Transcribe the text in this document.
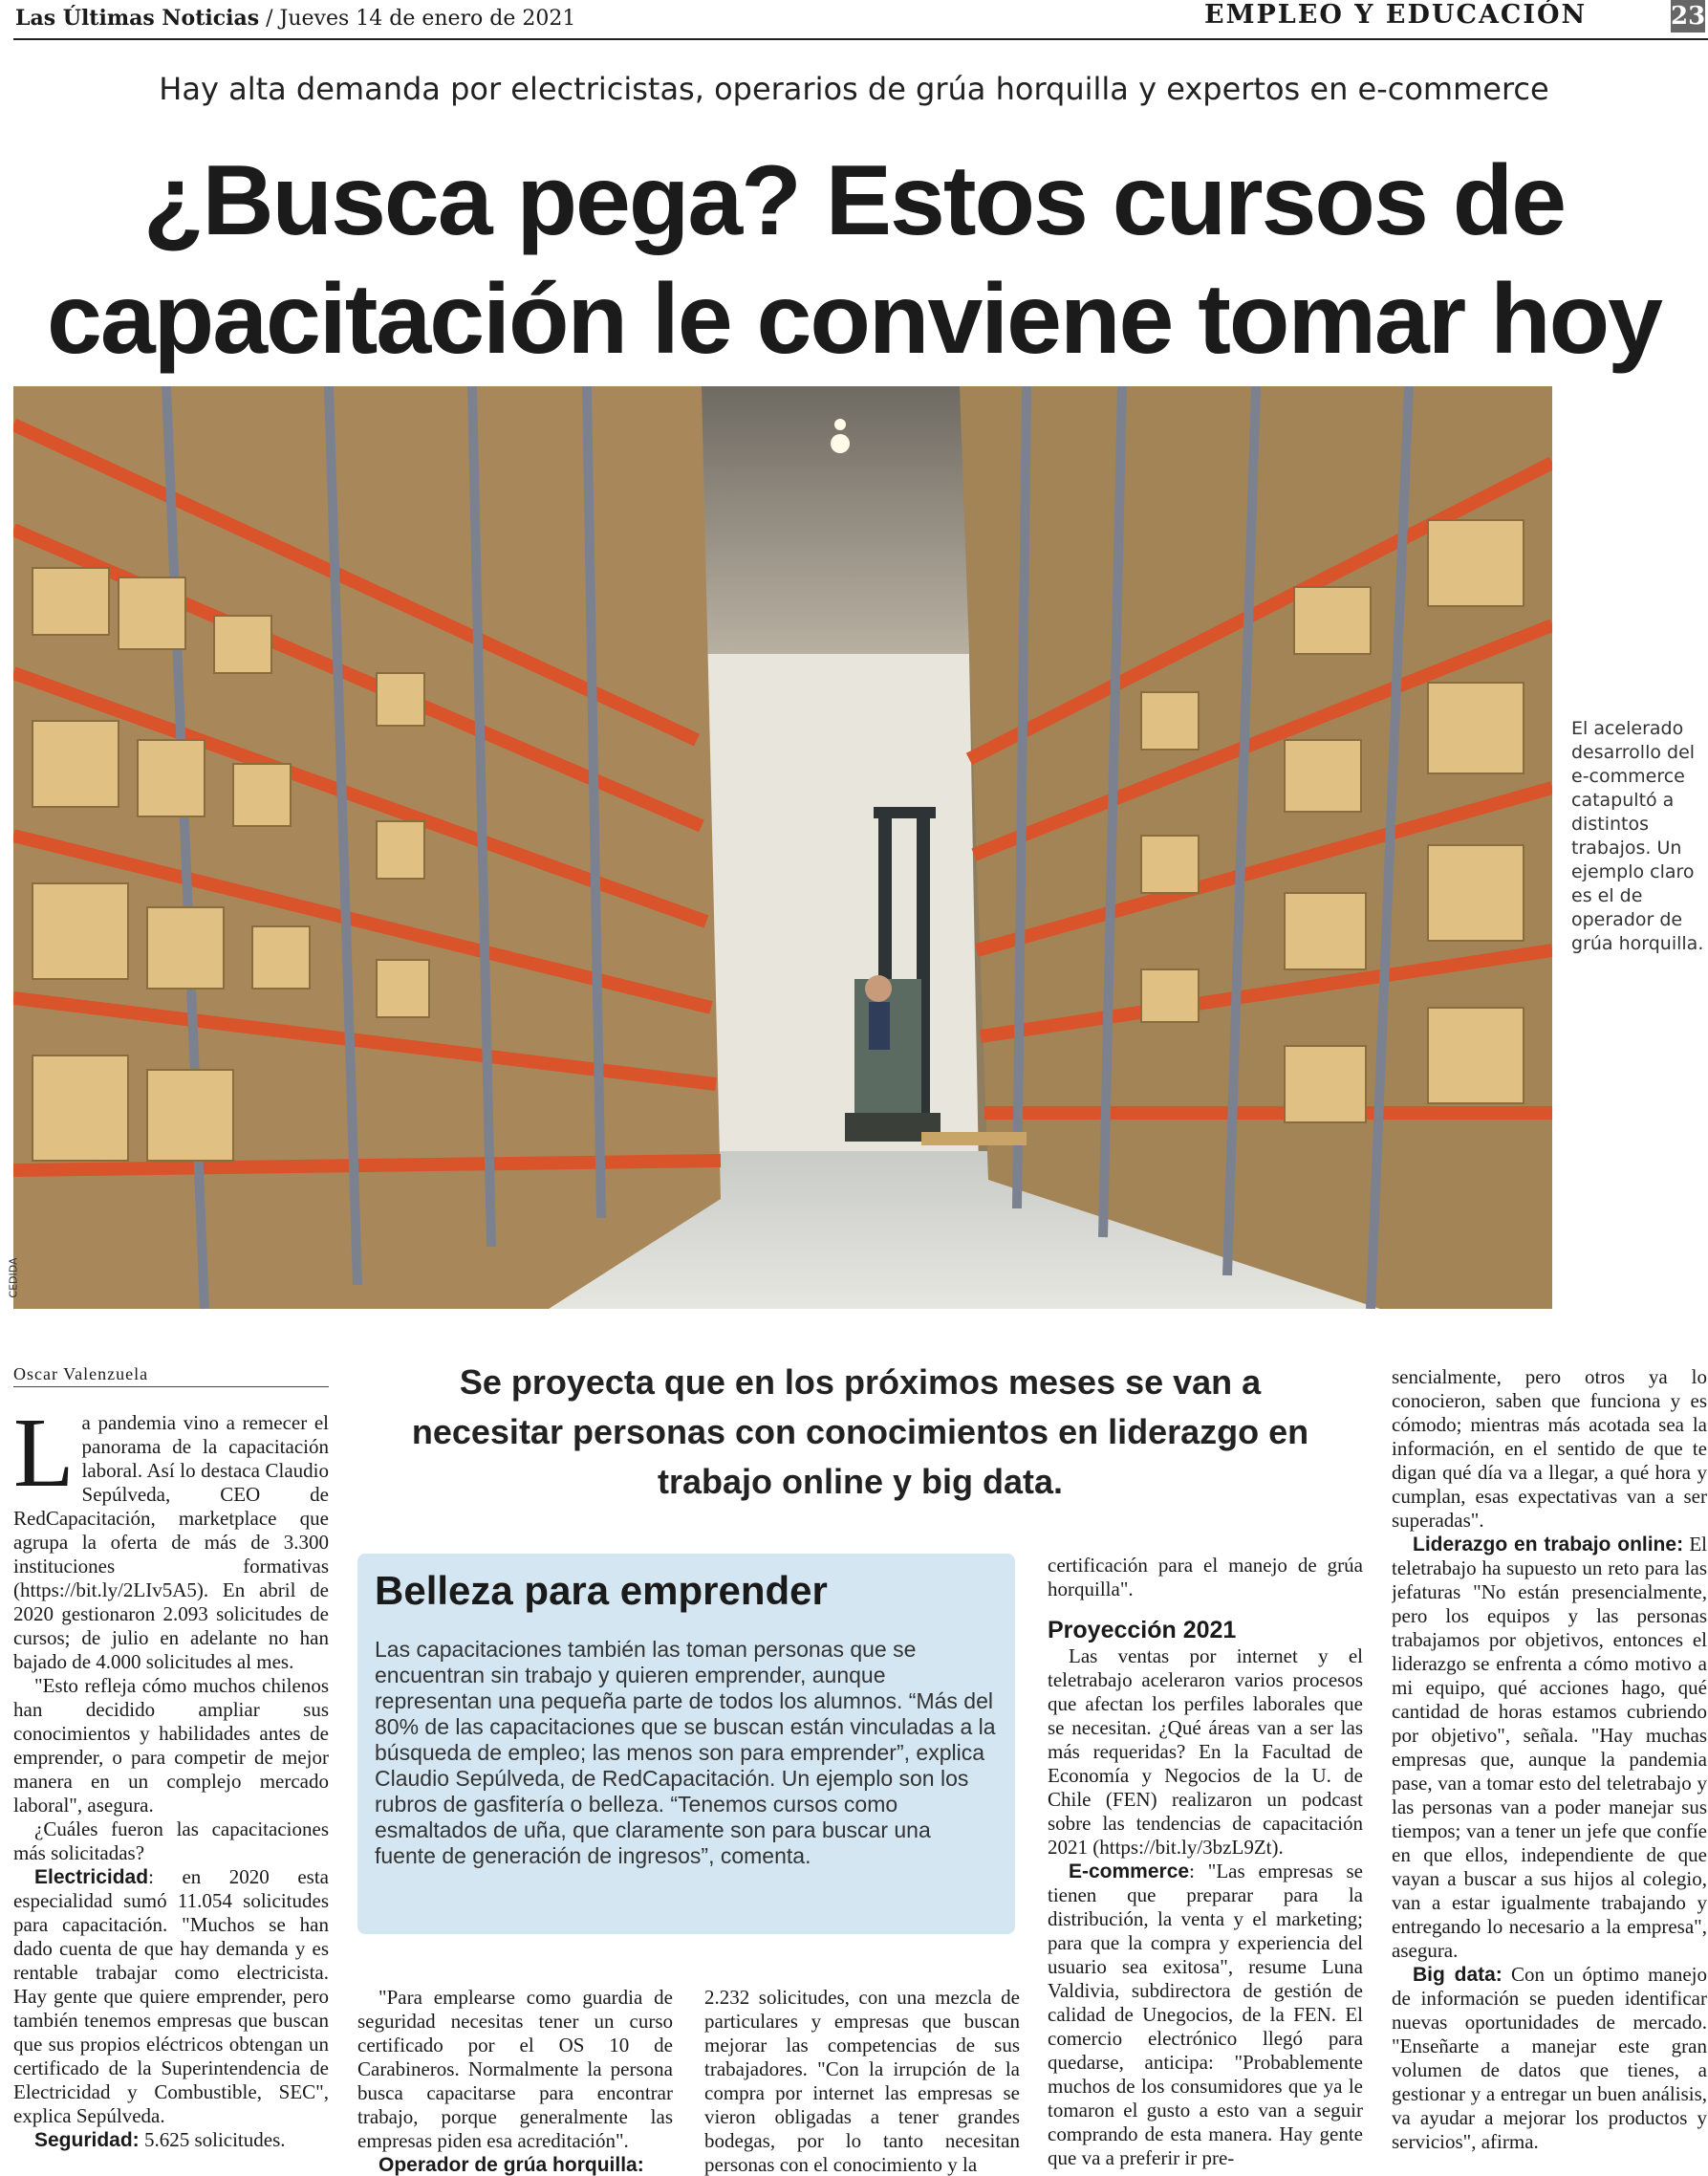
Las Últimas Noticias / Jueves 14 de enero de 2021	EMPLEO Y EDUCACIÓN	23
Hay alta demanda por electricistas, operarios de grúa horquilla y expertos en e-commerce
¿Busca pega? Estos cursos de
capacitación le conviene tomar hoy
CEDIDA
El acelerado desarrollo del e-commerce catapultó a distintos trabajos. Un ejemplo claro es el de operador de grúa horquilla.
Oscar Valenzuela

La pandemia vino a remecer el panorama de la capacitación laboral. Así lo destaca Claudio Sepúlveda, CEO de RedCapacitación, marketplace que agrupa la oferta de más de 3.300 instituciones formativas (https://bit.ly/2LIv5A5). En abril de 2020 gestionaron 2.093 solicitudes de cursos; de julio en adelante no han bajado de 4.000 solicitudes al mes.

"Esto refleja cómo muchos chilenos han decidido ampliar sus conocimientos y habilidades antes de emprender, o para competir de mejor manera en un complejo mercado laboral", asegura.

¿Cuáles fueron las capacitaciones más solicitadas?

Electricidad: en 2020 esta especialidad sumó 11.054 solicitudes para capacitación. "Muchos se han dado cuenta de que hay demanda y es rentable trabajar como electricista. Hay gente que quiere emprender, pero también tenemos empresas que buscan que sus propios eléctricos obtengan un certificado de la Superintendencia de Electricidad y Combustible, SEC", explica Sepúlveda.

Seguridad: 5.625 solicitudes.

Se proyecta que en los próximos meses se van a necesitar personas con conocimientos en liderazgo en trabajo online y big data.
Belleza para emprender
Las capacitaciones también las toman personas que se encuentran sin trabajo y quieren emprender, aunque representan una pequeña parte de todos los alumnos. “Más del 80% de las capacitaciones que se buscan están vinculadas a la búsqueda de empleo; las menos son para emprender”, explica Claudio Sepúlveda, de RedCapacitación. Un ejemplo son los rubros de gasfitería o belleza. “Tenemos cursos como esmaltados de uña, que claramente son para buscar una fuente de generación de ingresos”, comenta.

"Para emplearse como guardia de seguridad necesitas tener un curso certificado por el OS 10 de Carabineros. Normalmente la persona busca capacitarse para encontrar trabajo, porque generalmente las empresas piden esa acreditación".

Operador de grúa horquilla:

2.232 solicitudes, con una mezcla de particulares y empresas que buscan mejorar las competencias de sus trabajadores. "Con la irrupción de la compra por internet las empresas se vieron obligadas a tener grandes bodegas, por lo tanto necesitan personas con el conocimiento y la

certificación para el manejo de grúa horquilla".

Proyección 2021

Las ventas por internet y el teletrabajo aceleraron varios procesos que afectan los perfiles laborales que se necesitan. ¿Qué áreas van a ser las más requeridas? En la Facultad de Economía y Negocios de la U. de Chile (FEN) realizaron un podcast sobre las tendencias de capacitación 2021 (https://bit.ly/3bzL9Zt).

E-commerce: "Las empresas se tienen que preparar para la distribución, la venta y el marketing; para que la compra y experiencia del usuario sea exitosa", resume Luna Valdivia, subdirectora de gestión de calidad de Unegocios, de la FEN. El comercio electrónico llegó para quedarse, anticipa: "Probablemente muchos de los consumidores que ya le tomaron el gusto a esto van a seguir comprando de esta manera. Hay gente que va a preferir ir pre-

sencialmente, pero otros ya lo conocieron, saben que funciona y es cómodo; mientras más acotada sea la información, en el sentido de que te digan qué día va a llegar, a qué hora y cumplan, esas expectativas van a ser superadas".

Liderazgo en trabajo online: El teletrabajo ha supuesto un reto para las jefaturas "No están presencialmente, pero los equipos y las personas trabajamos por objetivos, entonces el liderazgo se enfrenta a cómo motivo a mi equipo, qué acciones hago, qué cantidad de horas estamos cubriendo por objetivo", señala. "Hay muchas empresas que, aunque la pandemia pase, van a tomar esto del teletrabajo y las personas van a poder manejar sus tiempos; van a tener un jefe que confíe en que ellos, independiente de que vayan a buscar a sus hijos al colegio, van a estar igualmente trabajando y entregando lo necesario a la empresa", asegura.

Big data: Con un óptimo manejo de información se pueden identificar nuevas oportunidades de mercado. "Enseñarte a manejar este gran volumen de datos que tienes, a gestionar y a entregar un buen análisis, va ayudar a mejorar los productos y servicios", afirma.
